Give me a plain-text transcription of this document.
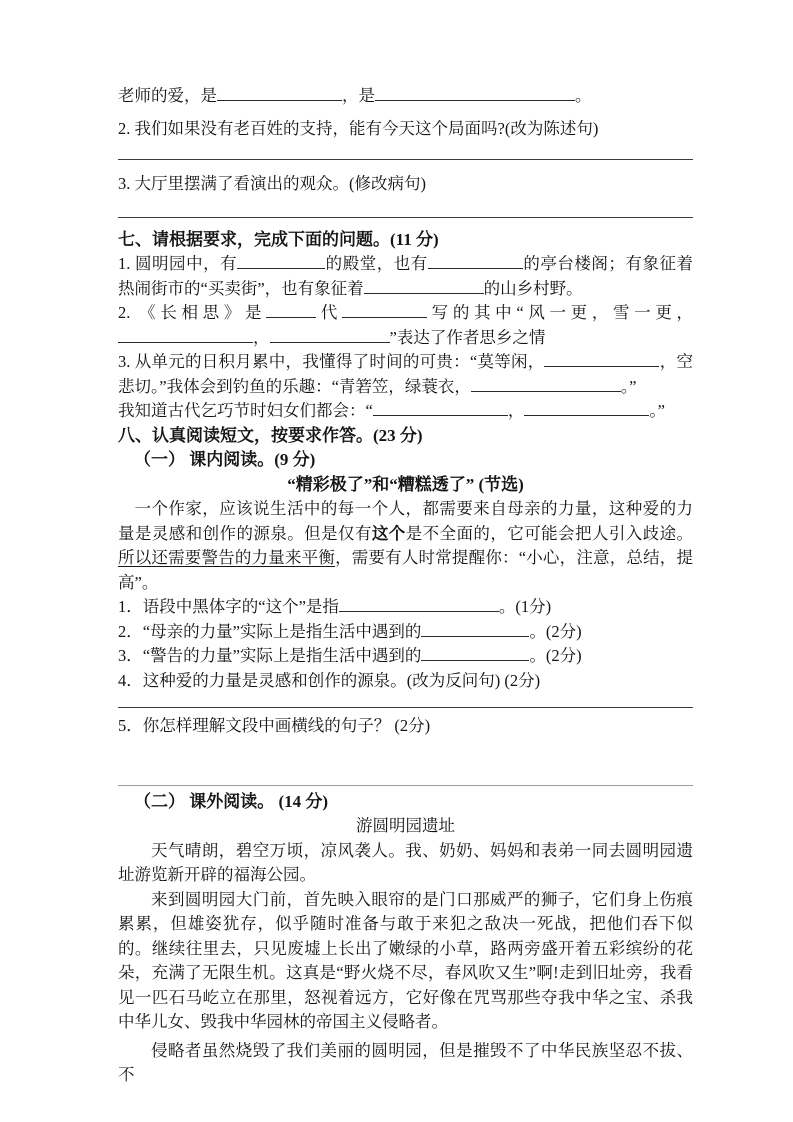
老师的爱，是	，是	。
2. 我们如果没有老百姓的支持，能有今天这个局面吗?(改为陈述句)
3. 大厅里摆满了看演出的观众。(修改病句)
七、请根据要求，完成下面的问题。(11 分)
1. 圆明园中，有	的殿堂，也有	的亭台楼阁；有象征着热闹街市的“买卖街”，也有象征着	的山乡村野。
2. 《长相思》是	代	写的其中“风一更，雪一更，，	”表达了作者思乡之情
3. 从单元的日积月累中，我懂得了时间的可贵：“莫等闲，	，空悲切。”我体会到钓鱼的乐趣：“青箬笠，绿蓑衣，	。”
我知道古代乞巧节时妇女们都会：“	，	。”
八、认真阅读短文，按要求作答。(23 分)
（一） 课内阅读。(9 分)
“精彩极了”和“糟糕透了” (节选)
一个作家，应该说生活中的每一个人，都需要来自母亲的力量，这种爱的力量是灵感和创作的源泉。但是仅有这个是不全面的，它可能会把人引入歧途。所以还需要警告的力量来平衡，需要有人时常提醒你：“小心，注意，总结，提高”。
1．语段中黑体字的“这个”是指	。(1分)
2．“母亲的力量”实际上是指生活中遇到的	。(2分)
3．“警告的力量”实际上是指生活中遇到的	。(2分)
4．这种爱的力量是灵感和创作的源泉。(改为反问句) (2分)
5．你怎样理解文段中画横线的句子？ (2分)
（二） 课外阅读。 (14 分)
游圆明园遗址
天气晴朗，碧空万顷，凉风袭人。我、奶奶、妈妈和表弟一同去圆明园遗址游览新开辟的福海公园。
来到圆明园大门前，首先映入眼帘的是门口那威严的狮子，它们身上伤痕累累，但雄姿犹存，似乎随时准备与敢于来犯之敌决一死战，把他们吞下似的。继续往里去，只见废墟上长出了嫩绿的小草，路两旁盛开着五彩缤纷的花朵，充满了无限生机。这真是“野火烧不尽，春风吹又生”啊!走到旧址旁，我看见一匹石马屹立在那里，怒视着远方，它好像在咒骂那些夺我中华之宝、杀我中华儿女、毁我中华园林的帝国主义侵略者。
侵略者虽然烧毁了我们美丽的圆明园，但是摧毁不了中华民族坚忍不拔、不
